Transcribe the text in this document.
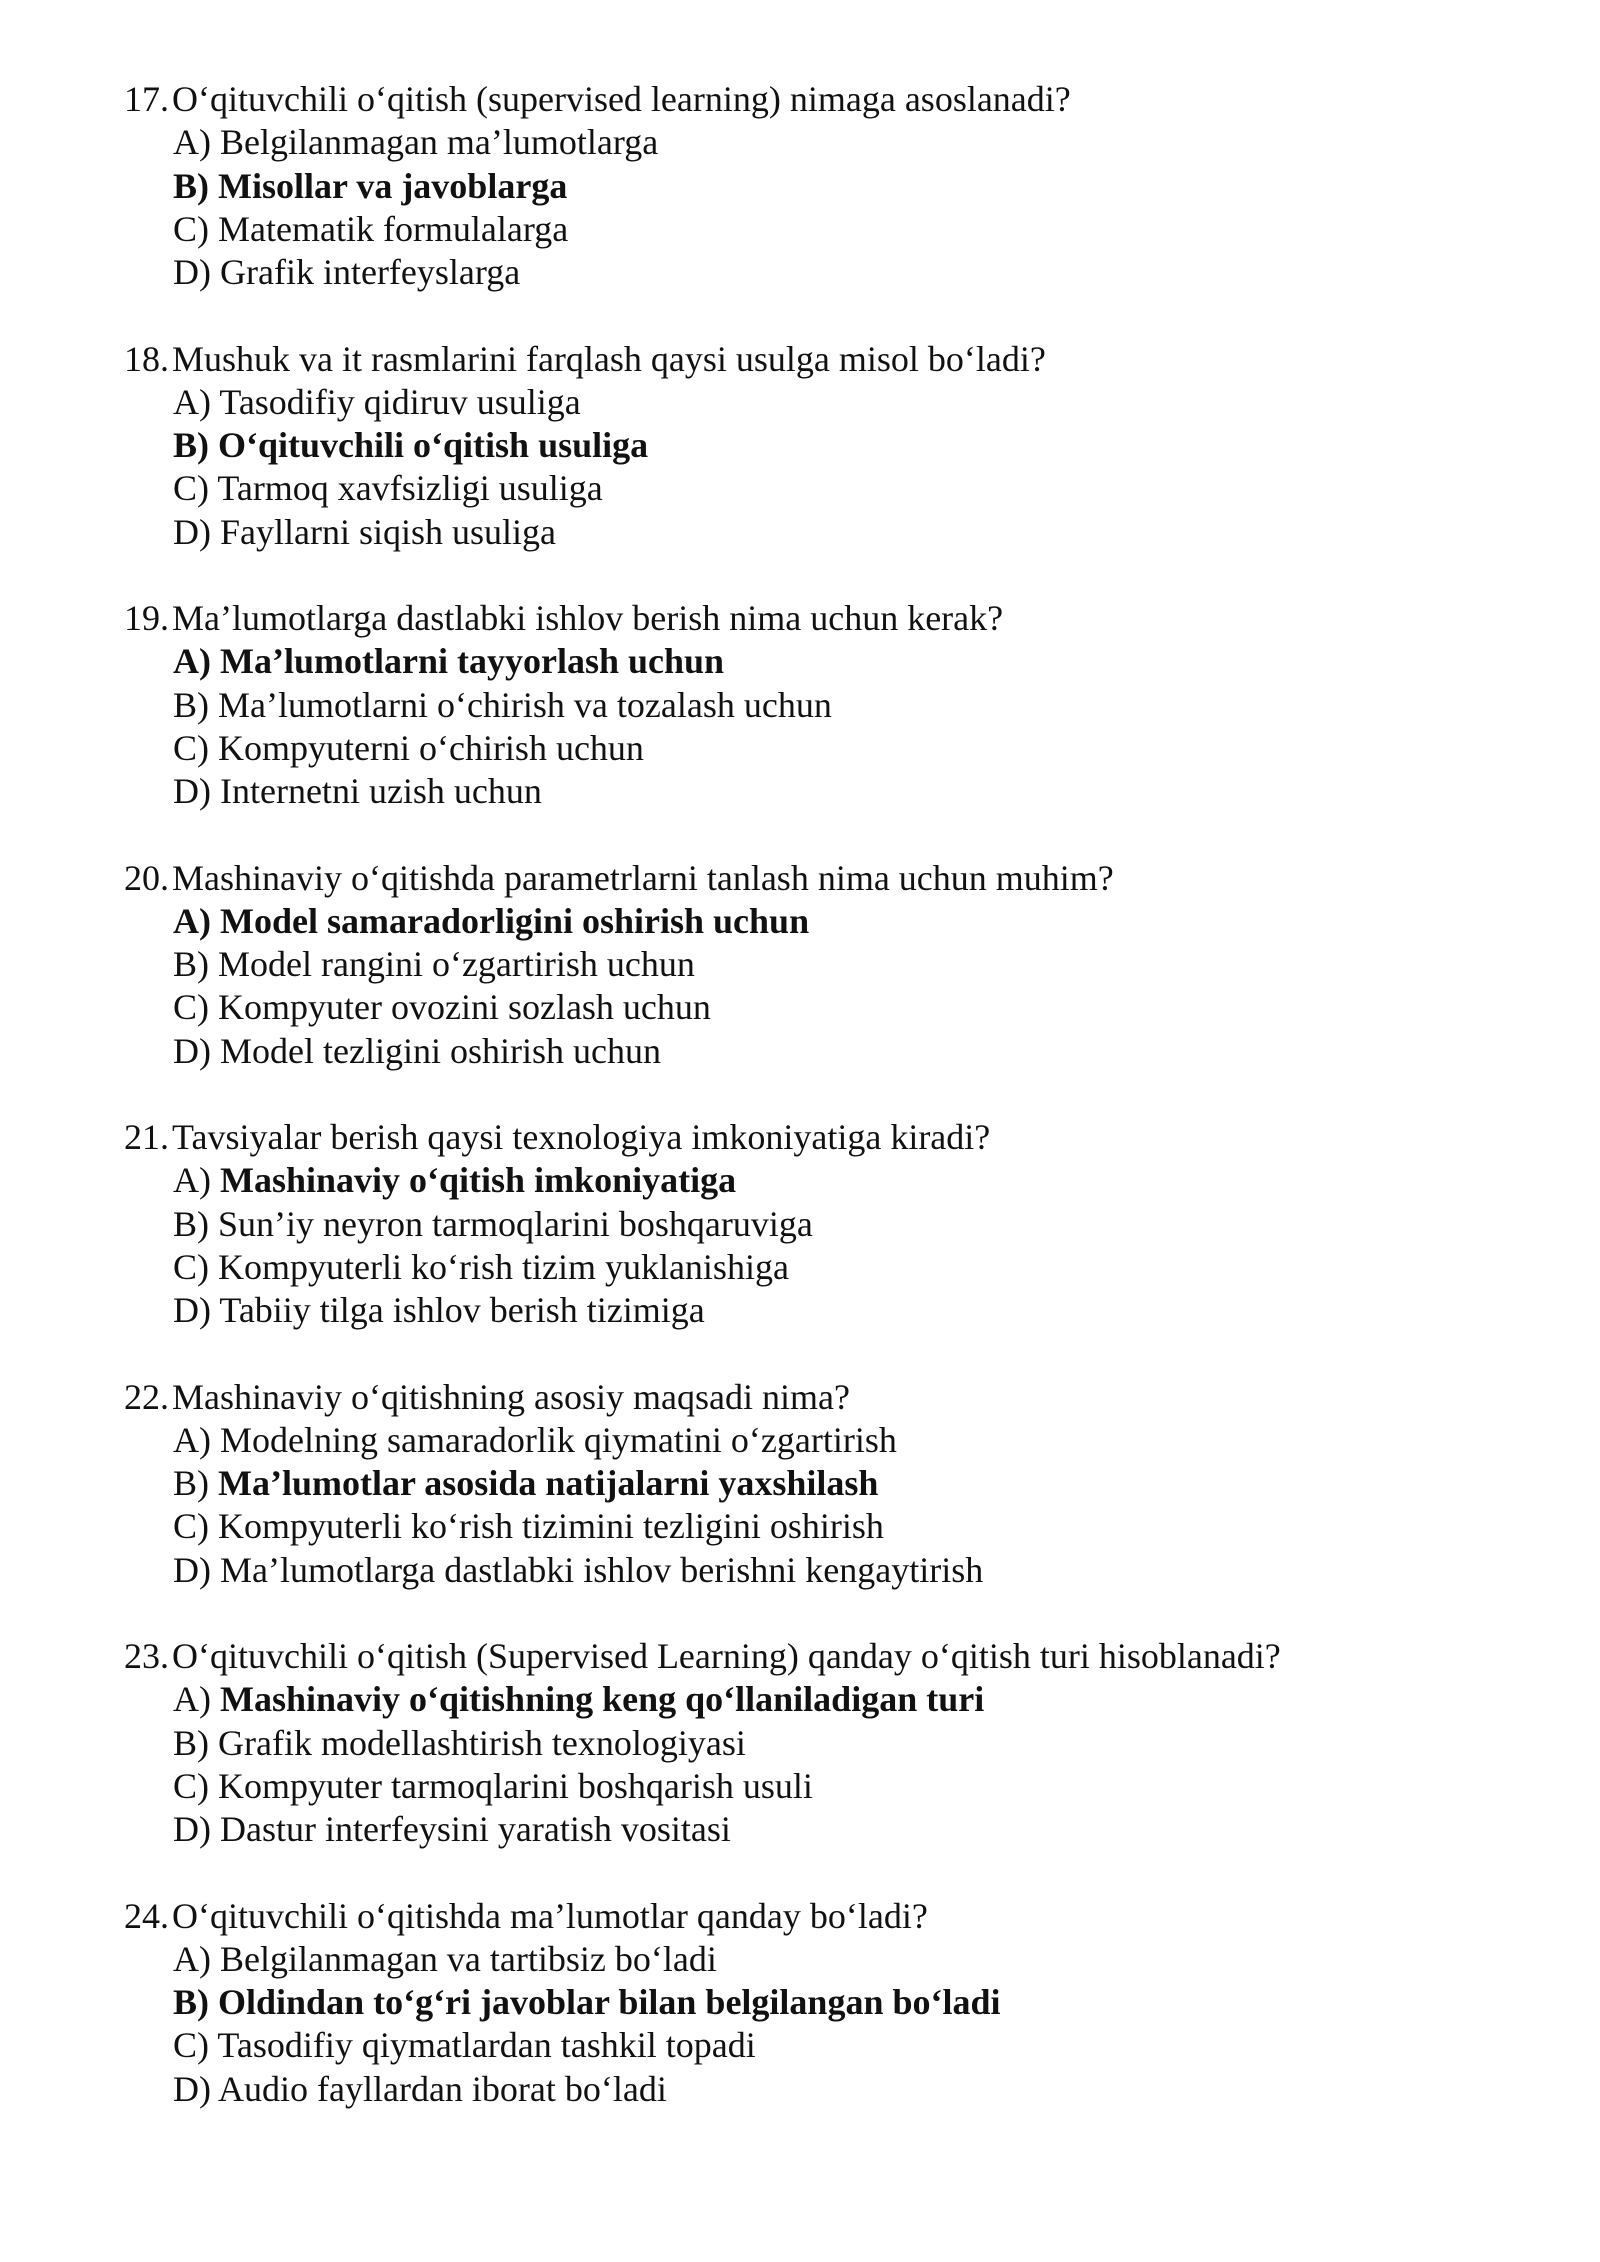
17. O‘qituvchili o‘qitish (supervised learning) nimaga asoslanadi?
A) Belgilanmagan ma’lumotlarga
B) Misollar va javoblarga
C) Matematik formulalarga
D) Grafik interfeyslarga
18. Mushuk va it rasmlarini farqlash qaysi usulga misol bo‘ladi?
A) Tasodifiy qidiruv usuliga
B) O‘qituvchili o‘qitish usuliga
C) Tarmoq xavfsizligi usuliga
D) Fayllarni siqish usuliga
19. Ma’lumotlarga dastlabki ishlov berish nima uchun kerak?
A) Ma’lumotlarni tayyorlash uchun
B) Ma’lumotlarni o‘chirish va tozalash uchun
C) Kompyuterni o‘chirish uchun
D) Internetni uzish uchun
20. Mashinaviy o‘qitishda parametrlarni tanlash nima uchun muhim?
A) Model samaradorligini oshirish uchun
B) Model rangini o‘zgartirish uchun
C) Kompyuter ovozini sozlash uchun
D) Model tezligini oshirish uchun
21. Tavsiyalar berish qaysi texnologiya imkoniyatiga kiradi?
A) Mashinaviy o‘qitish imkoniyatiga
B) Sun’iy neyron tarmoqlarini boshqaruviga
C) Kompyuterli ko‘rish tizim yuklanishiga
D) Tabiiy tilga ishlov berish tizimiga
22. Mashinaviy o‘qitishning asosiy maqsadi nima?
A) Modelning samaradorlik qiymatini o‘zgartirish
B) Ma’lumotlar asosida natijalarni yaxshilash
C) Kompyuterli ko‘rish tizimini tezligini oshirish
D) Ma’lumotlarga dastlabki ishlov berishni kengaytirish
23. O‘qituvchili o‘qitish (Supervised Learning) qanday o‘qitish turi hisoblanadi?
A) Mashinaviy o‘qitishning keng qo‘llaniladigan turi
B) Grafik modellashtirish texnologiyasi
C) Kompyuter tarmoqlarini boshqarish usuli
D) Dastur interfeysini yaratish vositasi
24. O‘qituvchili o‘qitishda ma’lumotlar qanday bo‘ladi?
A) Belgilanmagan va tartibsiz bo‘ladi
B) Oldindan to‘g‘ri javoblar bilan belgilangan bo‘ladi
C) Tasodifiy qiymatlardan tashkil topadi
D) Audio fayllardan iborat bo‘ladi
